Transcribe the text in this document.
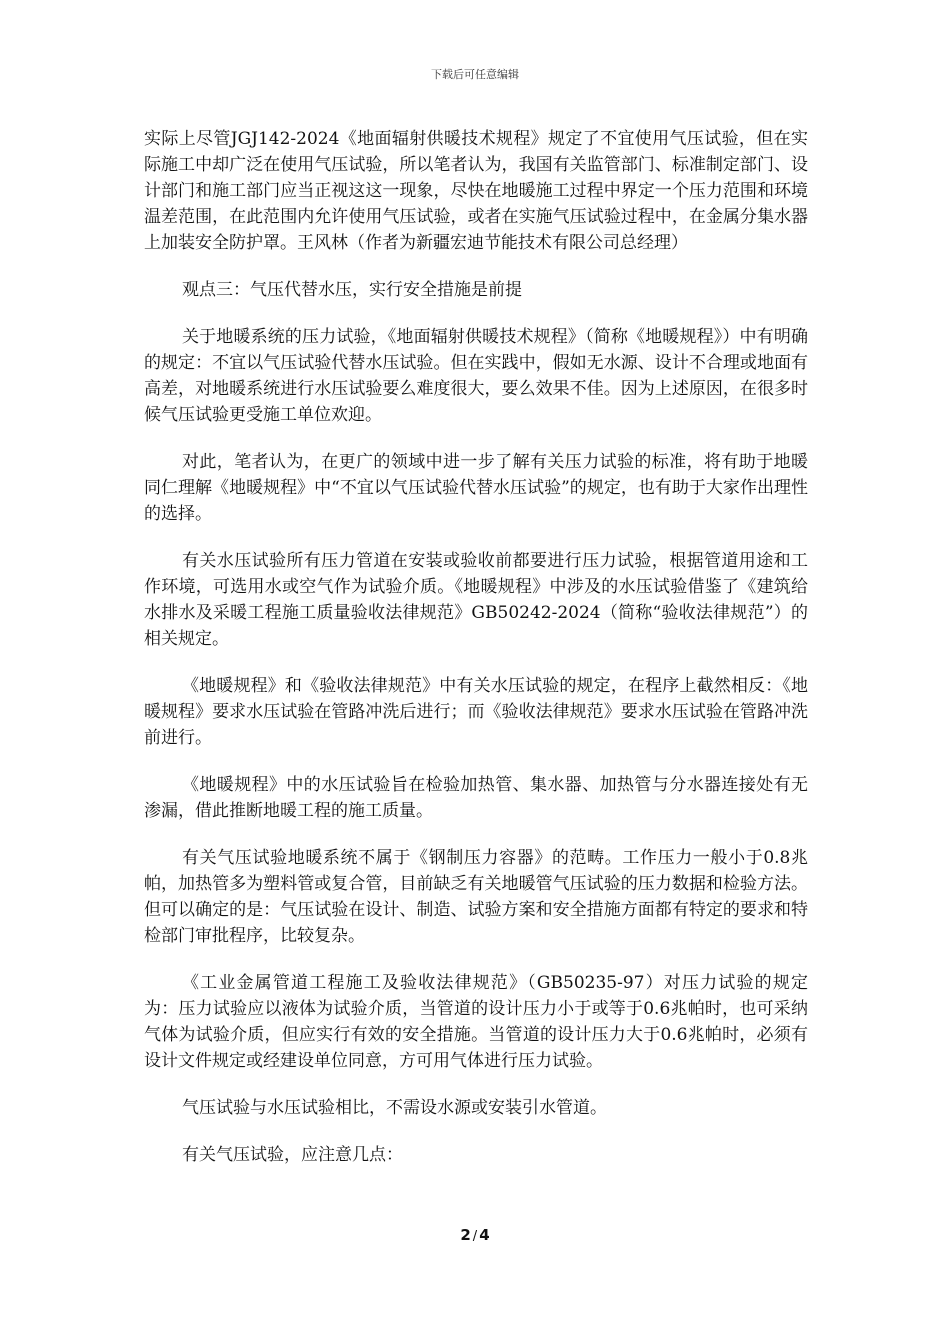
下载后可任意编辑

实际上尽管JGJ142-2024《地面辐射供暖技术规程》规定了不宜使用气压试验，但在实际施工中却广泛在使用气压试验，所以笔者认为，我国有关监管部门、标准制定部门、设计部门和施工部门应当正视这这一现象，尽快在地暖施工过程中界定一个压力范围和环境温差范围，在此范围内允许使用气压试验，或者在实施气压试验过程中，在金属分集水器上加装安全防护罩。王风林（作者为新疆宏迪节能技术有限公司总经理）

观点三：气压代替水压，实行安全措施是前提

关于地暖系统的压力试验，《地面辐射供暖技术规程》（简称《地暖规程》）中有明确的规定：不宜以气压试验代替水压试验。但在实践中，假如无水源、设计不合理或地面有高差，对地暖系统进行水压试验要么难度很大，要么效果不佳。因为上述原因，在很多时候气压试验更受施工单位欢迎。

对此，笔者认为，在更广的领域中进一步了解有关压力试验的标准，将有助于地暖同仁理解《地暖规程》中“不宜以气压试验代替水压试验”的规定，也有助于大家作出理性的选择。

有关水压试验所有压力管道在安装或验收前都要进行压力试验，根据管道用途和工作环境，可选用水或空气作为试验介质。《地暖规程》中涉及的水压试验借鉴了《建筑给水排水及采暖工程施工质量验收法律规范》GB50242-2024（简称“验收法律规范”）的相关规定。

《地暖规程》和《验收法律规范》中有关水压试验的规定，在程序上截然相反：《地暖规程》要求水压试验在管路冲洗后进行；而《验收法律规范》要求水压试验在管路冲洗前进行。

《地暖规程》中的水压试验旨在检验加热管、集水器、加热管与分水器连接处有无渗漏，借此推断地暖工程的施工质量。

有关气压试验地暖系统不属于《钢制压力容器》的范畴。工作压力一般小于0.8兆帕，加热管多为塑料管或复合管，目前缺乏有关地暖管气压试验的压力数据和检验方法。但可以确定的是：气压试验在设计、制造、试验方案和安全措施方面都有特定的要求和特检部门审批程序，比较复杂。

《工业金属管道工程施工及验收法律规范》（GB50235-97）对压力试验的规定为：压力试验应以液体为试验介质，当管道的设计压力小于或等于0.6兆帕时，也可采纳气体为试验介质，但应实行有效的安全措施。当管道的设计压力大于0.6兆帕时，必须有设计文件规定或经建设单位同意，方可用气体进行压力试验。

气压试验与水压试验相比，不需设水源或安装引水管道。

有关气压试验，应注意几点：

2 / 4
